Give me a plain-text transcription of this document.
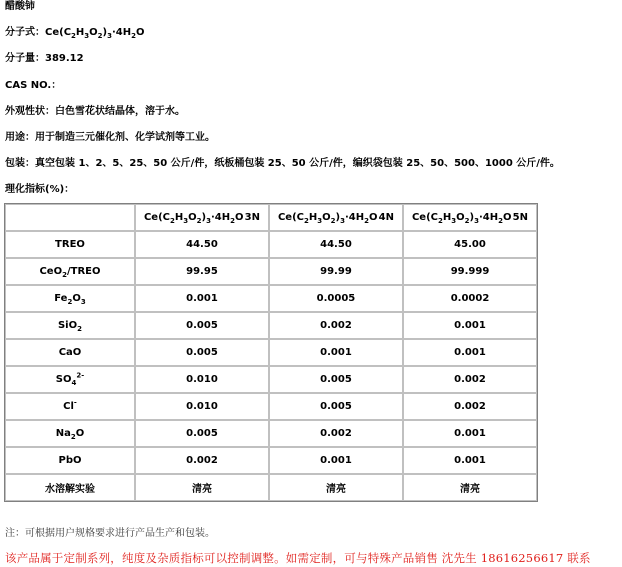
醋酸铈
分子式：$Ce(C_2H_3O_2)_3\cdot 4H_2O$
分子量：389.12
CAS NO.：
外观性状：白色雪花状结晶体，溶于水。
用途：用于制造三元催化剂、化学试剂等工业。
包装：真空包装 1、2、5、25、50 公斤/件，纸板桶包装 25、50 公斤/件，编织袋包装 25、50、500、1000 公斤/件。
理化指标(%)：

	$Ce(C_2H_3O_2)_3\cdot 4H_2O$ 3N	$Ce(C_2H_3O_2)_3\cdot 4H_2O$ 4N	$Ce(C_2H_3O_2)_3\cdot 4H_2O$ 5N

TREO	44.50	44.50	45.00
CeO$_2$/TREO	99.95	99.99	99.999
$Fe_2O_3$	0.001	0.0005	0.0002
SiO$_2$	0.005	0.002	0.001
CaO	0.005	0.001	0.001
$SO_4^{2-}$	0.010	0.005	0.002
Cl-	0.010	0.005	0.002
$Na_2O$	0.005	0.002	0.001
PbO	0.002	0.001	0.001
水溶解实验	清亮	清亮	清亮
注：可根据用户规格要求进行产品生产和包装。
该产品属于定制系列，纯度及杂质指标可以控制调整。如需定制，可与特殊产品销售 沈先生 18616256617 联系
